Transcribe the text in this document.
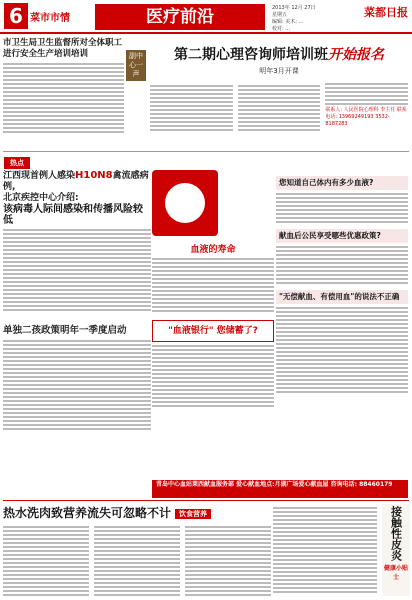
6 菜市市情	医疗前沿	2013年 12月 27日
星期五
编辑: 美术: ...
校对: ...
菜都日报
市卫生局卫生监督所对全体职工进行安全生产培训培训	副中心一声
第二期心理咨询师培训班开始报名
明年3月开课
联系人: 人民医院心理科 李主任 联系电话: 13969249193 3532-8187283
热点
江西现首例人感染H10N8禽流感病例,
北京疾控中心介绍:
该病毒人际间感染和传播风险较低
单独二孩政策明年一季度启动
血液的寿命
"血液银行" 您储蓄了?
您知道自己体内有多少血液?
献血后公民享受哪些优惠政策?
"无偿献血、有偿用血"的说法不正确
青岛中心血站莱西献血服务部 爱心献血地点:月湖广场爱心献血屋 咨询电话: 88460179
热水洗肉致营养流失可忽略不计 饮食营养	接触性皮炎
健康小贴士
